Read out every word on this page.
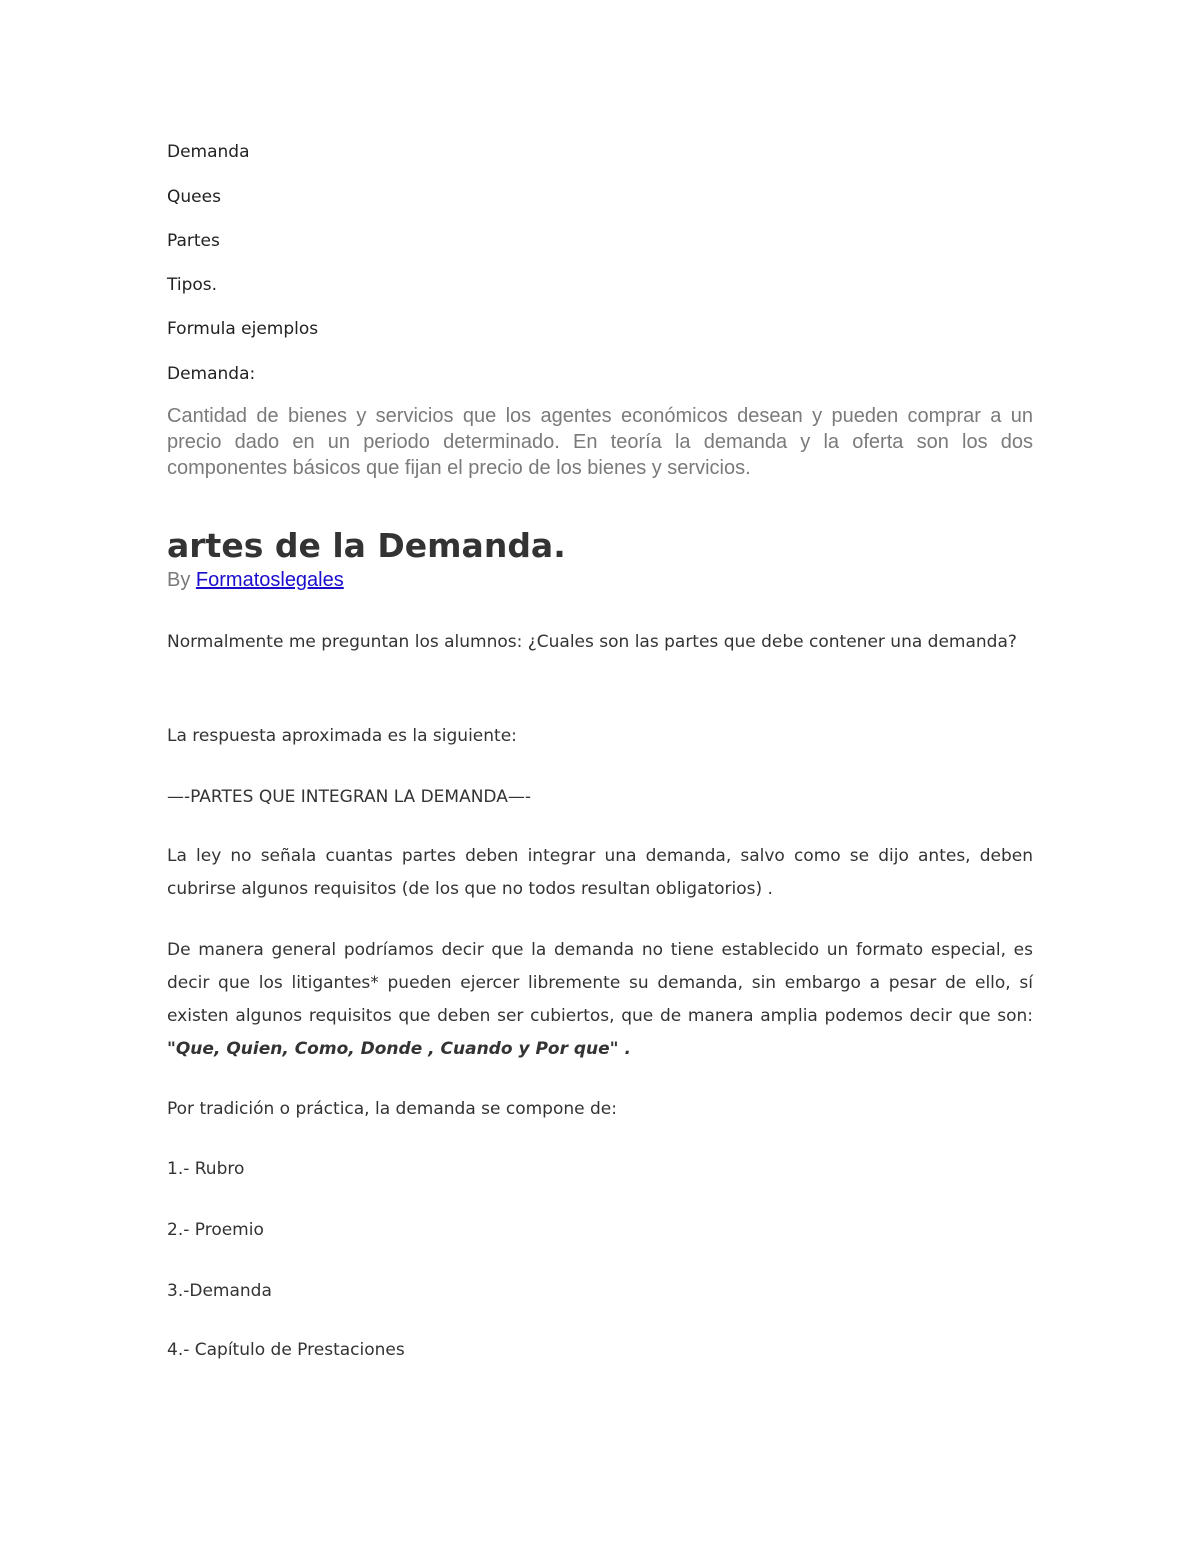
Demanda
Quees
Partes
Tipos.
Formula ejemplos
Demanda:

Cantidad de bienes y servicios que los agentes económicos desean y pueden comprar a un precio dado en un periodo determinado. En teoría la demanda y la oferta son los dos componentes básicos que fijan el precio de los bienes y servicios.

artes de la Demanda.
By Formatoslegales

Normalmente me preguntan los alumnos: ¿Cuales son las partes que debe contener una demanda?

La respuesta aproximada es la siguiente:

—-PARTES QUE INTEGRAN LA DEMANDA—-

La ley no señala cuantas partes deben integrar una demanda, salvo como se dijo antes, deben cubrirse algunos requisitos (de los que no todos resultan obligatorios) .

De manera general podríamos decir que la demanda no tiene establecido un formato especial, es decir que los litigantes* pueden ejercer libremente su demanda, sin embargo a pesar de ello, sí existen algunos requisitos que deben ser cubiertos, que de manera amplia podemos decir que son: "Que, Quien, Como, Donde , Cuando y Por que" .

Por tradición o práctica, la demanda se compone de:

1.- Rubro

2.- Proemio

3.-Demanda

4.- Capítulo de Prestaciones
